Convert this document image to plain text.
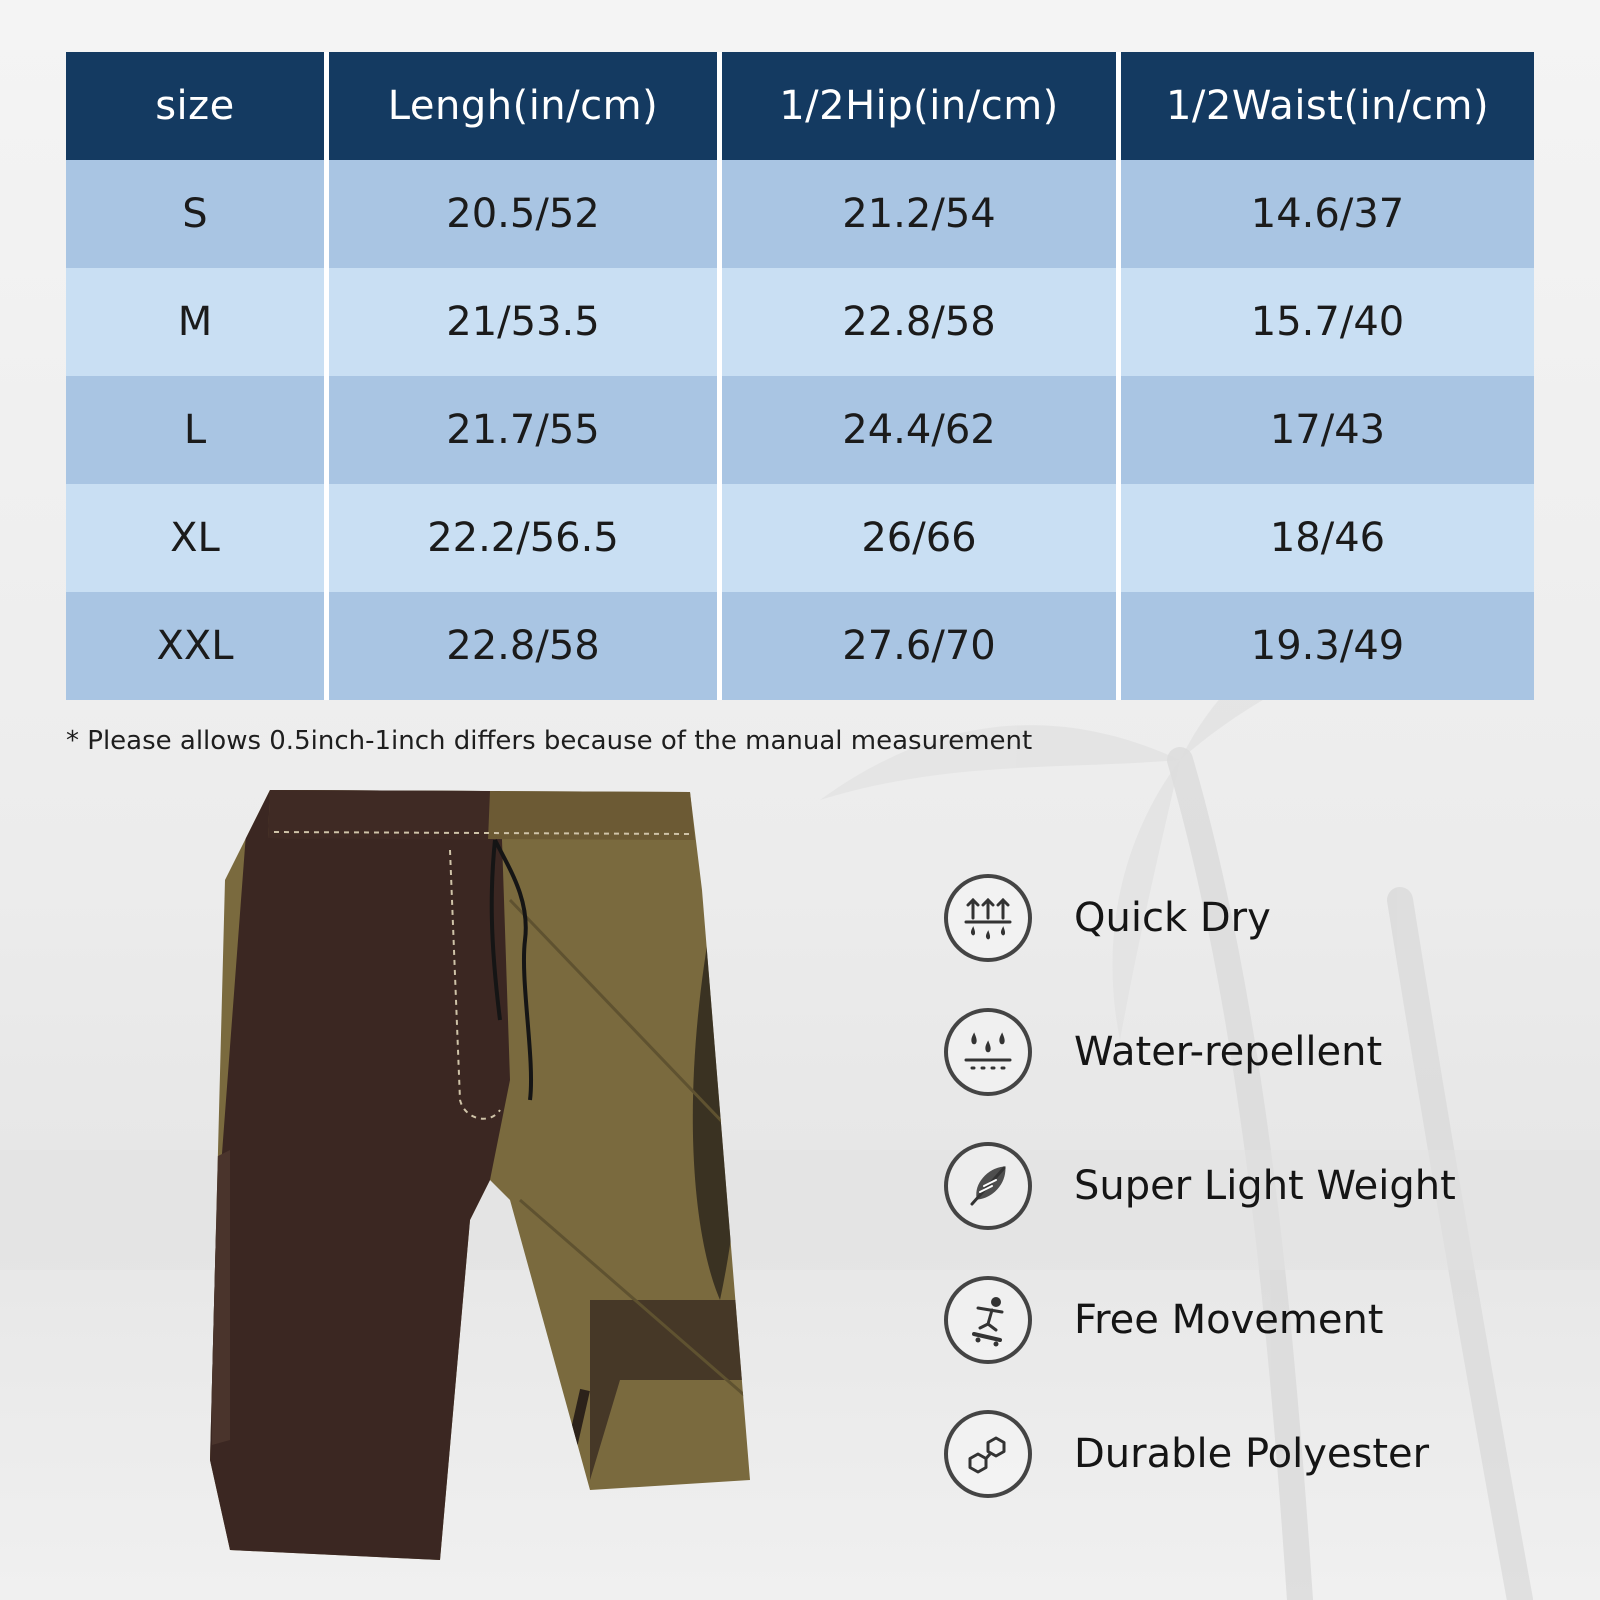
size	Lengh(in/cm)	1/2Hip(in/cm)	1/2Waist(in/cm)
S	20.5/52	21.2/54	14.6/37
M	21/53.5	22.8/58	15.7/40
L	21.7/55	24.4/62	17/43
XL	22.2/56.5	26/66	18/46
XXL	22.8/58	27.6/70	19.3/49
* Please allows 0.5inch-1inch differs because of the manual measurement
Quick Dry
Water-repellent
Super Light Weight
Free Movement
Durable Polyester
